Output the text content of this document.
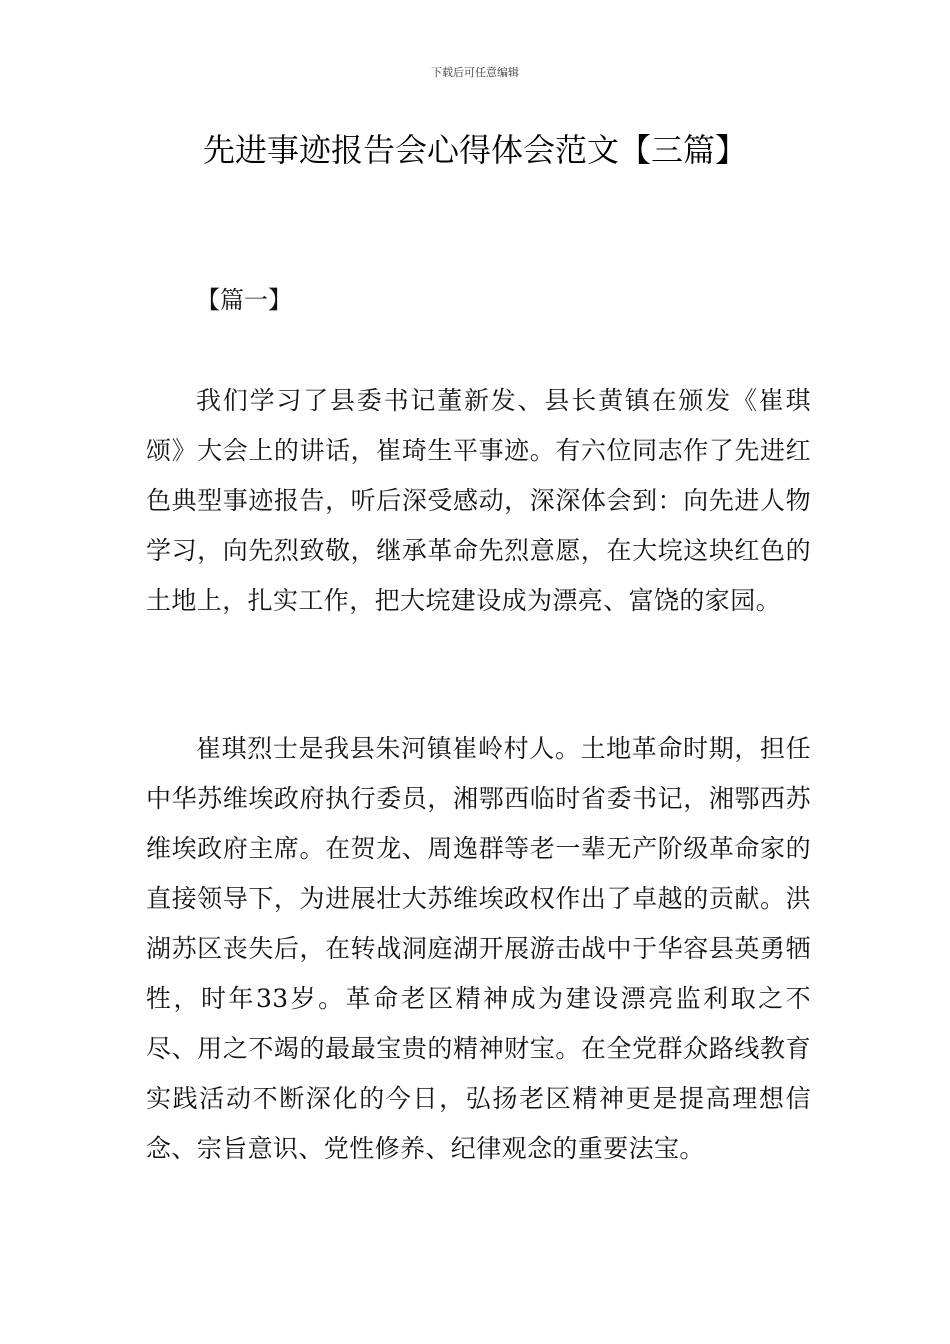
下载后可任意编辑
先进事迹报告会心得体会范文【三篇】
【篇一】

我们学习了县委书记董新发、县长黄镇在颁发《崔琪颂》大会上的讲话，崔琦生平事迹。有六位同志作了先进红色典型事迹报告，听后深受感动，深深体会到：向先进人物学习，向先烈致敬，继承革命先烈意愿，在大垸这块红色的土地上，扎实工作，把大垸建设成为漂亮、富饶的家园。

崔琪烈士是我县朱河镇崔岭村人。土地革命时期，担任中华苏维埃政府执行委员，湘鄂西临时省委书记，湘鄂西苏维埃政府主席。在贺龙、周逸群等老一辈无产阶级革命家的直接领导下，为进展壮大苏维埃政权作出了卓越的贡献。洪湖苏区丧失后，在转战洞庭湖开展游击战中于华容县英勇牺牲，时年33岁。革命老区精神成为建设漂亮监利取之不尽、用之不竭的最最宝贵的精神财宝。在全党群众路线教育实践活动不断深化的今日，弘扬老区精神更是提高理想信念、宗旨意识、党性修养、纪律观念的重要法宝。
